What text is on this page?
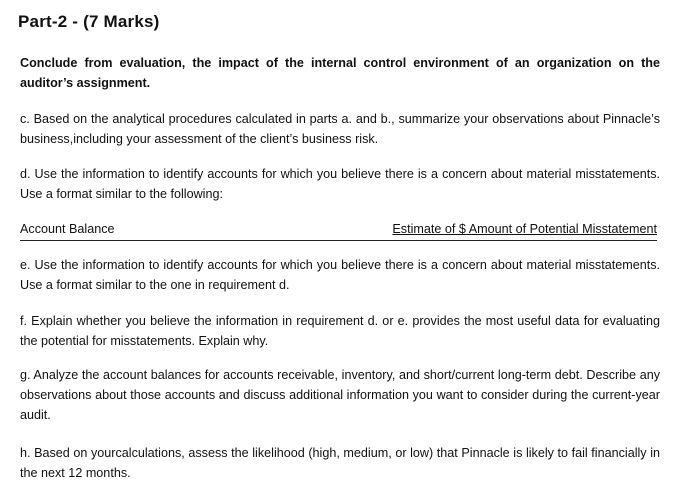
Part-2 - (7 Marks)
Conclude from evaluation, the impact of the internal control environment of an organization on the auditor’s assignment.
c. Based on the analytical procedures calculated in parts a. and b., summarize your observations about Pinnacle’s business,including your assessment of the client’s business risk.
d. Use the information to identify accounts for which you believe there is a concern about material misstatements. Use a format similar to the following:
Account Balance	Estimate of $ Amount of Potential Misstatement
e. Use the information to identify accounts for which you believe there is a concern about material misstatements. Use a format similar to the one in requirement d.
f. Explain whether you believe the information in requirement d. or e. provides the most useful data for evaluating the potential for misstatements. Explain why.
g. Analyze the account balances for accounts receivable, inventory, and short/current long-term debt. Describe any observations about those accounts and discuss additional information you want to consider during the current-year audit.
h. Based on yourcalculations, assess the likelihood (high, medium, or low) that Pinnacle is likely to fail financially in the next 12 months.
